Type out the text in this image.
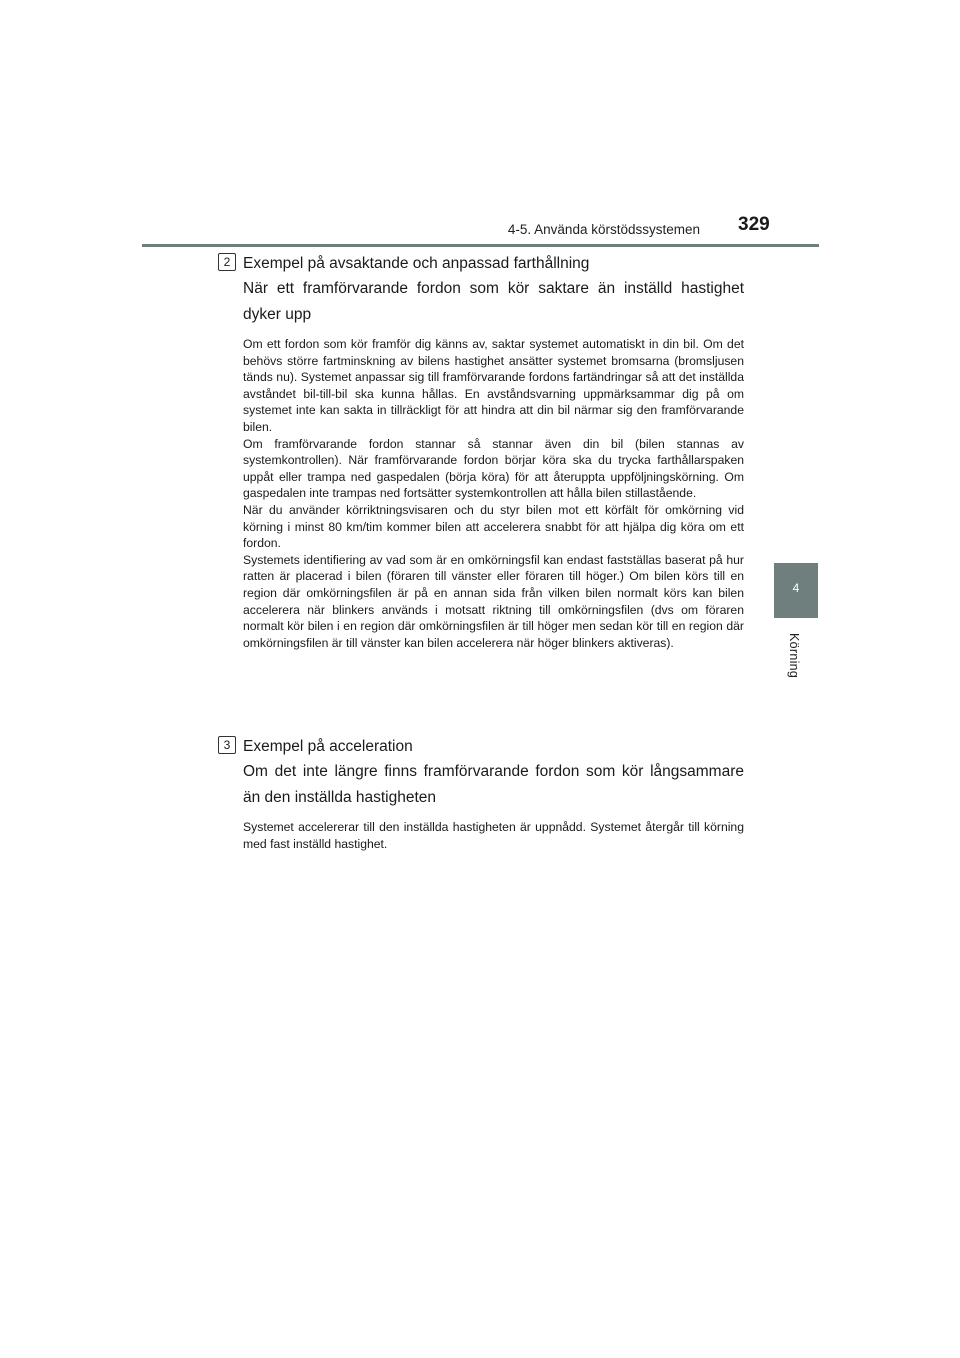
4-5. Använda körstödssystemen 329
4
Körning
2 Exempel på avsaktande och anpassad farthållning
När ett framförvarande fordon som kör saktare än inställd hastighet dyker upp
Om ett fordon som kör framför dig känns av, saktar systemet automatiskt in din bil. Om det behövs större fartminskning av bilens hastighet ansätter systemet bromsarna (bromsljusen tänds nu). Systemet anpassar sig till framförvarande fordons fartändringar så att det inställda avståndet bil-till-bil ska kunna hållas. En avståndsvarning uppmärksammar dig på om systemet inte kan sakta in tillräckligt för att hindra att din bil närmar sig den framförvarande bilen.
Om framförvarande fordon stannar så stannar även din bil (bilen stannas av systemkontrollen). När framförvarande fordon börjar köra ska du trycka farthållarspaken uppåt eller trampa ned gaspedalen (börja köra) för att återuppta uppföljningskörning. Om gaspedalen inte trampas ned fortsätter systemkontrollen att hålla bilen stillastående.
När du använder körriktningsvisaren och du styr bilen mot ett körfält för omkörning vid körning i minst 80 km/tim kommer bilen att accelerera snabbt för att hjälpa dig köra om ett fordon.
Systemets identifiering av vad som är en omkörningsfil kan endast fastställas baserat på hur ratten är placerad i bilen (föraren till vänster eller föraren till höger.) Om bilen körs till en region där omkörningsfilen är på en annan sida från vilken bilen normalt körs kan bilen accelerera när blinkers används i motsatt riktning till omkörningsfilen (dvs om föraren normalt kör bilen i en region där omkörningsfilen är till höger men sedan kör till en region där omkörningsfilen är till vänster kan bilen accelerera när höger blinkers aktiveras).
3 Exempel på acceleration
Om det inte längre finns framförvarande fordon som kör långsammare än den inställda hastigheten
Systemet accelererar till den inställda hastigheten är uppnådd. Systemet återgår till körning med fast inställd hastighet.
